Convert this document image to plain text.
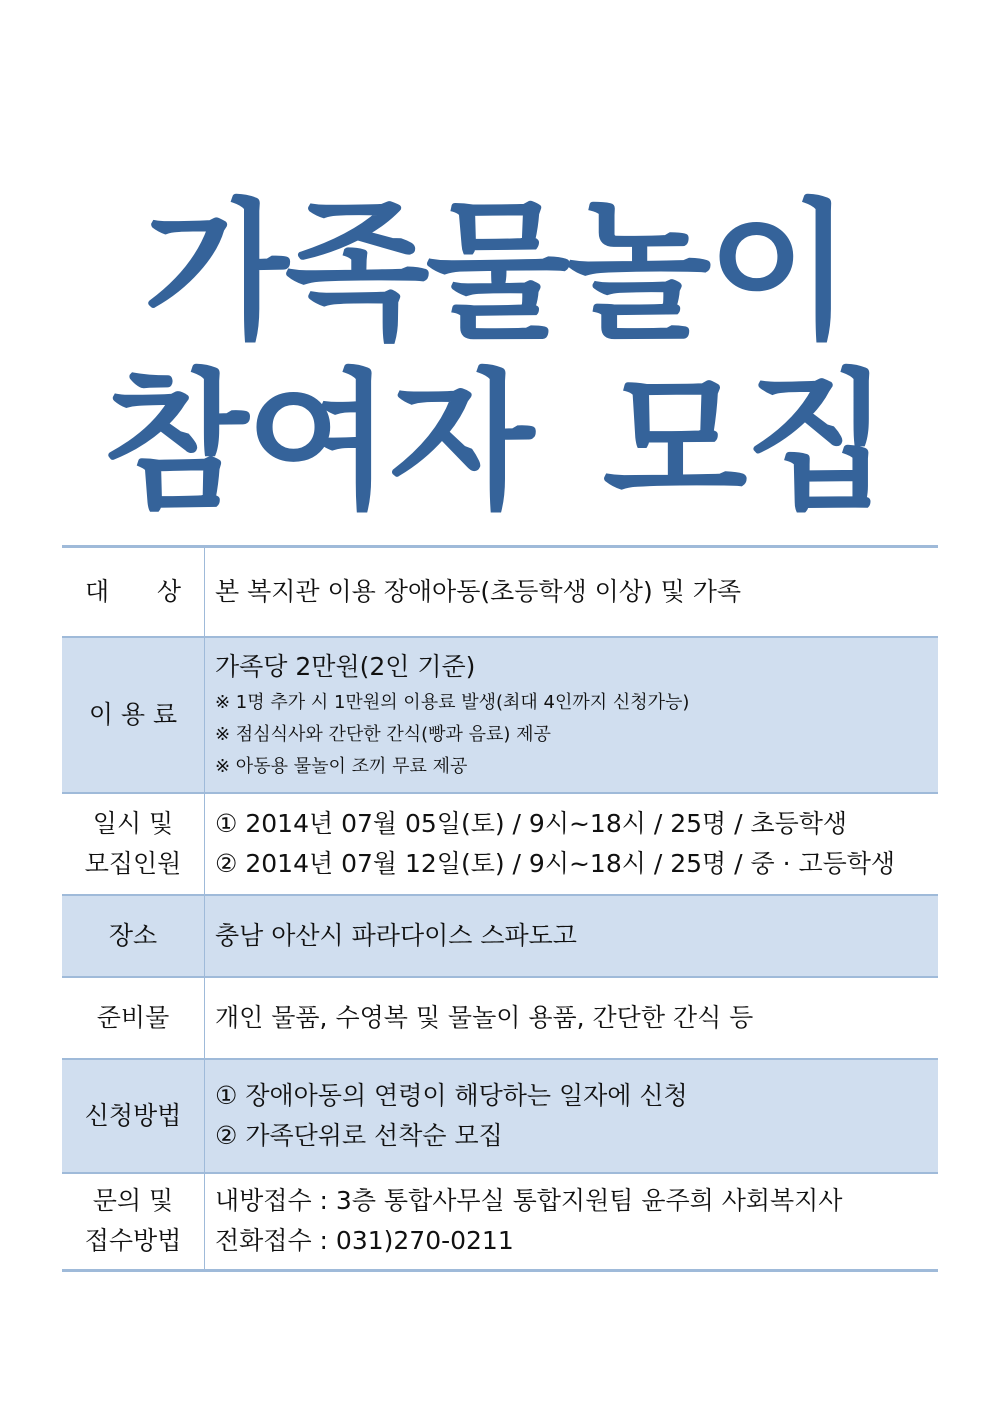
가족물놀이
참여자 모집
대      상	본 복지관 이용 장애아동(초등학생 이상) 및 가족
이 용 료	가족당 2만원(2인 기준)
※ 1명 추가 시 1만원의 이용료 발생(최대 4인까지 신청가능)
※ 점심식사와 간단한 간식(빵과 음료) 제공
※ 아동용 물놀이 조끼 무료 제공

일시 및
모집인원	① 2014년 07월 05일(토) / 9시~18시 / 25명 / 초등학생
② 2014년 07월 12일(토) / 9시~18시 / 25명 / 중 · 고등학생

장소	충남 아산시 파라다이스 스파도고
준비물	개인 물품, 수영복 및 물놀이 용품, 간단한 간식 등
신청방법	① 장애아동의 연령이 해당하는 일자에 신청
② 가족단위로 선착순 모집

문의 및
접수방법	내방접수 : 3층 통합사무실 통합지원팀 윤주희 사회복지사
전화접수 : 031)270-0211
